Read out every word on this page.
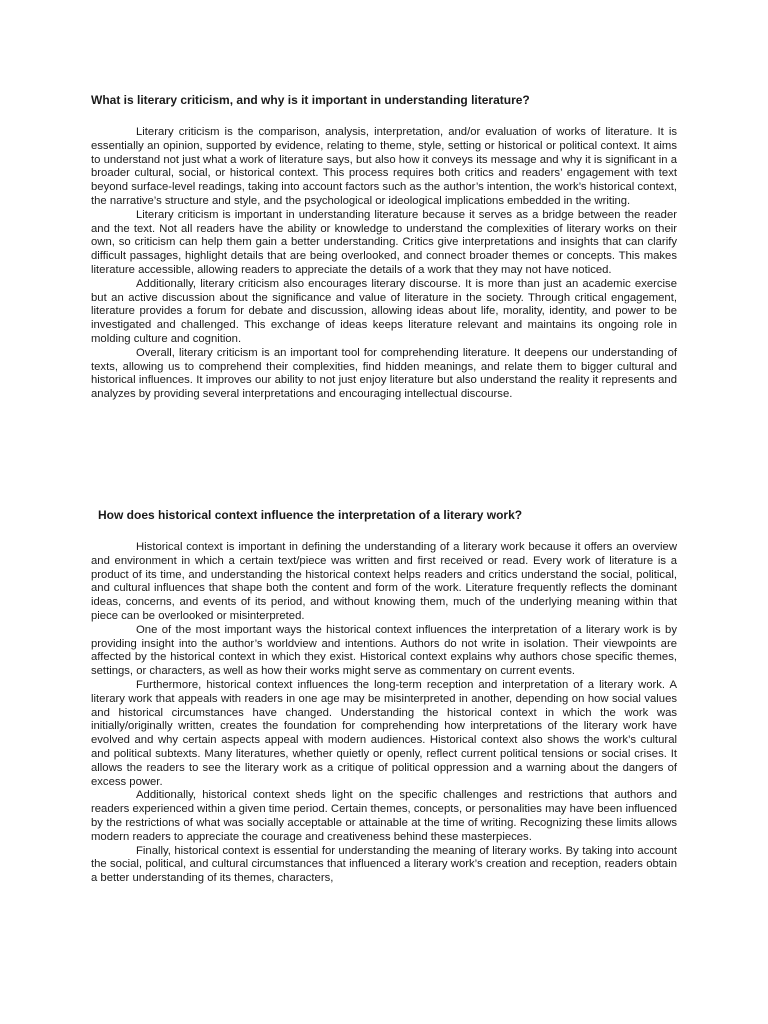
What is literary criticism, and why is it important in understanding literature?

Literary criticism is the comparison, analysis, interpretation, and/or evaluation of works of literature. It is essentially an opinion, supported by evidence, relating to theme, style, setting or historical or political context. It aims to understand not just what a work of literature says, but also how it conveys its message and why it is significant in a broader cultural, social, or historical context. This process requires both critics and readers’ engagement with text beyond surface-level readings, taking into account factors such as the author’s intention, the work’s historical context, the narrative’s structure and style, and the psychological or ideological implications embedded in the writing.

Literary criticism is important in understanding literature because it serves as a bridge between the reader and the text. Not all readers have the ability or knowledge to understand the complexities of literary works on their own, so criticism can help them gain a better understanding. Critics give interpretations and insights that can clarify difficult passages, highlight details that are being overlooked, and connect broader themes or concepts. This makes literature accessible, allowing readers to appreciate the details of a work that they may not have noticed.

Additionally, literary criticism also encourages literary discourse. It is more than just an academic exercise but an active discussion about the significance and value of literature in the society. Through critical engagement, literature provides a forum for debate and discussion, allowing ideas about life, morality, identity, and power to be investigated and challenged. This exchange of ideas keeps literature relevant and maintains its ongoing role in molding culture and cognition.

Overall, literary criticism is an important tool for comprehending literature. It deepens our understanding of texts, allowing us to comprehend their complexities, find hidden meanings, and relate them to bigger cultural and historical influences. It improves our ability to not just enjoy literature but also understand the reality it represents and analyzes by providing several interpretations and encouraging intellectual discourse.

How does historical context influence the interpretation of a literary work?

Historical context is important in defining the understanding of a literary work because it offers an overview and environment in which a certain text/piece was written and first received or read. Every work of literature is a product of its time, and understanding the historical context helps readers and critics understand the social, political, and cultural influences that shape both the content and form of the work. Literature frequently reflects the dominant ideas, concerns, and events of its period, and without knowing them, much of the underlying meaning within that piece can be overlooked or misinterpreted.

One of the most important ways the historical context influences the interpretation of a literary work is by providing insight into the author’s worldview and intentions. Authors do not write in isolation. Their viewpoints are affected by the historical context in which they exist. Historical context explains why authors chose specific themes, settings, or characters, as well as how their works might serve as commentary on current events.

Furthermore, historical context influences the long-term reception and interpretation of a literary work. A literary work that appeals with readers in one age may be misinterpreted in another, depending on how social values and historical circumstances have changed. Understanding the historical context in which the work was initially/originally written, creates the foundation for comprehending how interpretations of the literary work have evolved and why certain aspects appeal with modern audiences. Historical context also shows the work’s cultural and political subtexts. Many literatures, whether quietly or openly, reflect current political tensions or social crises. It allows the readers to see the literary work as a critique of political oppression and a warning about the dangers of excess power.

Additionally, historical context sheds light on the specific challenges and restrictions that authors and readers experienced within a given time period. Certain themes, concepts, or personalities may have been influenced by the restrictions of what was socially acceptable or attainable at the time of writing. Recognizing these limits allows modern readers to appreciate the courage and creativeness behind these masterpieces.

Finally, historical context is essential for understanding the meaning of literary works. By taking into account the social, political, and cultural circumstances that influenced a literary work’s creation and reception, readers obtain a better understanding of its themes, characters,
